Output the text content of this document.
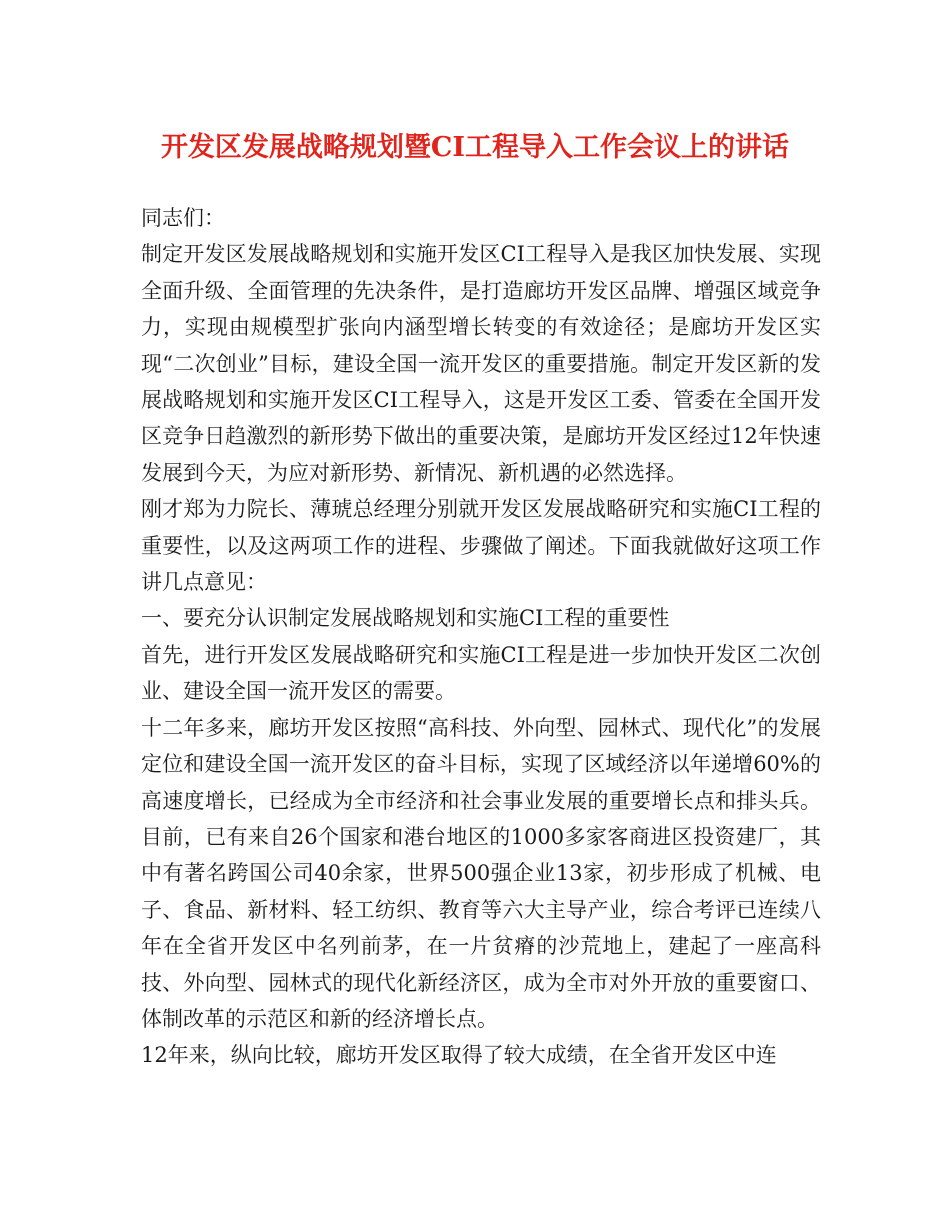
开发区发展战略规划暨CI工程导入工作会议上的讲话

同志们：

制定开发区发展战略规划和实施开发区CI工程导入是我区加快发展、实现全面升级、全面管理的先决条件，是打造廊坊开发区品牌、增强区域竞争力，实现由规模型扩张向内涵型增长转变的有效途径；是廊坊开发区实现“二次创业”目标，建设全国一流开发区的重要措施。制定开发区新的发展战略规划和实施开发区CI工程导入，这是开发区工委、管委在全国开发区竞争日趋激烈的新形势下做出的重要决策，是廊坊开发区经过12年快速发展到今天，为应对新形势、新情况、新机遇的必然选择。

刚才郑为力院长、薄琥总经理分别就开发区发展战略研究和实施CI工程的重要性，以及这两项工作的进程、步骤做了阐述。下面我就做好这项工作讲几点意见：

一、要充分认识制定发展战略规划和实施CI工程的重要性

首先，进行开发区发展战略研究和实施CI工程是进一步加快开发区二次创业、建设全国一流开发区的需要。

十二年多来，廊坊开发区按照“高科技、外向型、园林式、现代化”的发展定位和建设全国一流开发区的奋斗目标，实现了区域经济以年递增60%的高速度增长，已经成为全市经济和社会事业发展的重要增长点和排头兵。目前，已有来自26个国家和港台地区的1000多家客商进区投资建厂，其中有著名跨国公司40余家，世界500强企业13家，初步形成了机械、电子、食品、新材料、轻工纺织、教育等六大主导产业，综合考评已连续八年在全省开发区中名列前茅，在一片贫瘠的沙荒地上，建起了一座高科技、外向型、园林式的现代化新经济区，成为全市对外开放的重要窗口、体制改革的示范区和新的经济增长点。

12年来，纵向比较，廊坊开发区取得了较大成绩，在全省开发区中连
